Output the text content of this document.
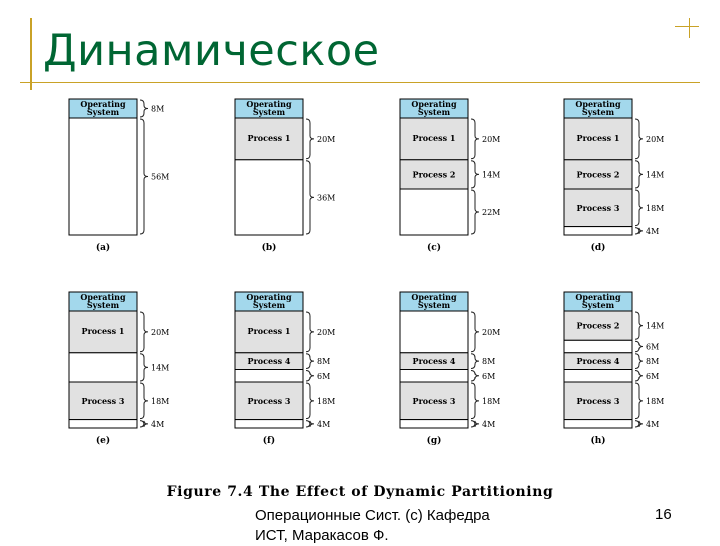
Динамическое
Operating
System	8M
56M
(a)
Operating
System
Process 1	20M
36M
(b)
Operating
System
Process 1	20M
Process 2	14M
22M
(c)
Operating
System
Process 1	20M
Process 2	14M
Process 3	18M
4M
(d)
Operating
System
Process 1	20M
14M
Process 3	18M
4M
(e)
Operating
System
Process 1	20M
Process 4	8M
6M
Process 3	18M
4M
(f)
Operating
System
20M
Process 4	8M
6M
Process 3	18M
4M
(g)
Operating
System
Process 2	14M
6M
Process 4	8M
6M
Process 3	18M
4M
(h)
Figure 7.4 The Effect of Dynamic Partitioning
Операционные Сист. (с) Кафедра ИСТ, Маракасов Ф.
16
